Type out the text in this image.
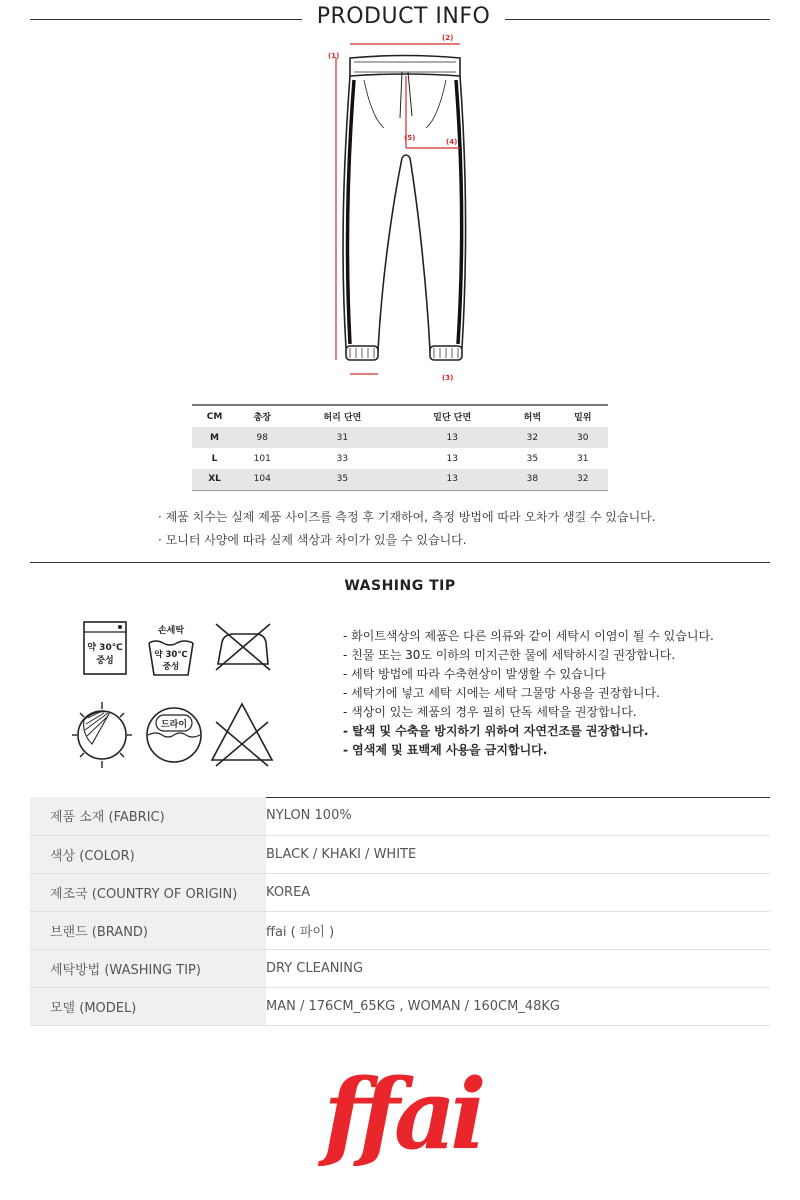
PRODUCT INFO
(1)
(2)
(3)
(4)
(5)
CM	총장	허리 단면	밑단 단면	허벅	밑위
M	98	31	13	32	30
L	101	33	13	35	31
XL	104	35	13	38	32
· 제품 치수는 실제 제품 사이즈를 측정 후 기재하여, 측정 방법에 따라 오차가 생길 수 있습니다.
· 모니터 사양에 따라 실제 색상과 차이가 있을 수 있습니다.
WASHING TIP
약 30℃
중성
손세탁
약 30℃
중성
드라이
- 화이트색상의 제품은 다른 의류와 같이 세탁시 이염이 될 수 있습니다.
- 친물 또는 30도 이하의 미지근한 물에 세탁하시길 권장합니다.
- 세탁 방법에 따라 수축현상이 발생할 수 있습니다
- 세탁기에 넣고 세탁 시에는 세탁 그물망 사용을 권장합니다.
- 색상이 있는 제품의 경우 필히 단독 세탁을 권장합니다.
- 탈색 및 수축을 방지하기 위하여 자연건조를 권장합니다.
- 염색제 및 표백제 사용을 금지합니다.
제품 소재 (FABRIC)	NYLON 100%
색상 (COLOR)	BLACK / KHAKI / WHITE
제조국 (COUNTRY OF ORIGIN)	KOREA
브랜드 (BRAND)	ffai ( 파이 )
세탁방법 (WASHING TIP)	DRY CLEANING
모델 (MODEL)	MAN / 176CM_65KG , WOMAN / 160CM_48KG
ffai
